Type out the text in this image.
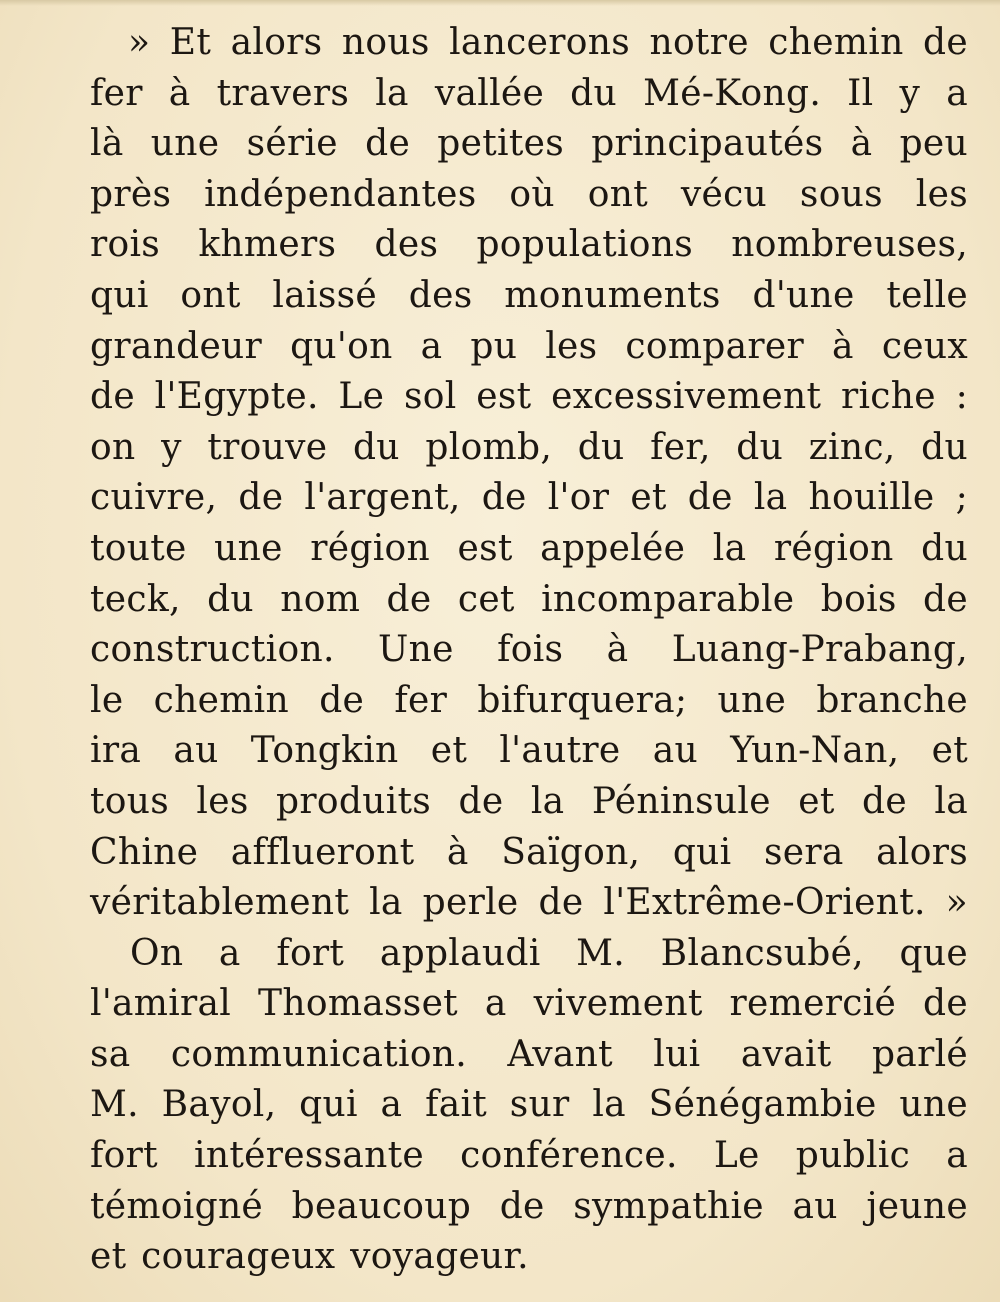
» Et alors nous lancerons notre chemin de
fer à travers la vallée du Mé-Kong. Il y a
là une série de petites principautés à peu
près indépendantes où ont vécu sous les
rois khmers des populations nombreuses,
qui ont laissé des monuments d'une telle
grandeur qu'on a pu les comparer à ceux
de l'Egypte. Le sol est excessivement riche :
on y trouve du plomb, du fer, du zinc, du
cuivre, de l'argent, de l'or et de la houille ;
toute une région est appelée la région du
teck, du nom de cet incomparable bois de
construction. Une fois à Luang-Prabang,
le chemin de fer bifurquera; une branche
ira au Tongkin et l'autre au Yun-Nan, et
tous les produits de la Péninsule et de la
Chine afflueront à Saïgon, qui sera alors
véritablement la perle de l'Extrême-Orient. »

On a fort applaudi M. Blancsubé, que
l'amiral Thomasset a vivement remercié de
sa communication. Avant lui avait parlé
M. Bayol, qui a fait sur la Sénégambie une
fort intéressante conférence. Le public a
témoigné beaucoup de sympathie au jeune
et courageux voyageur.
